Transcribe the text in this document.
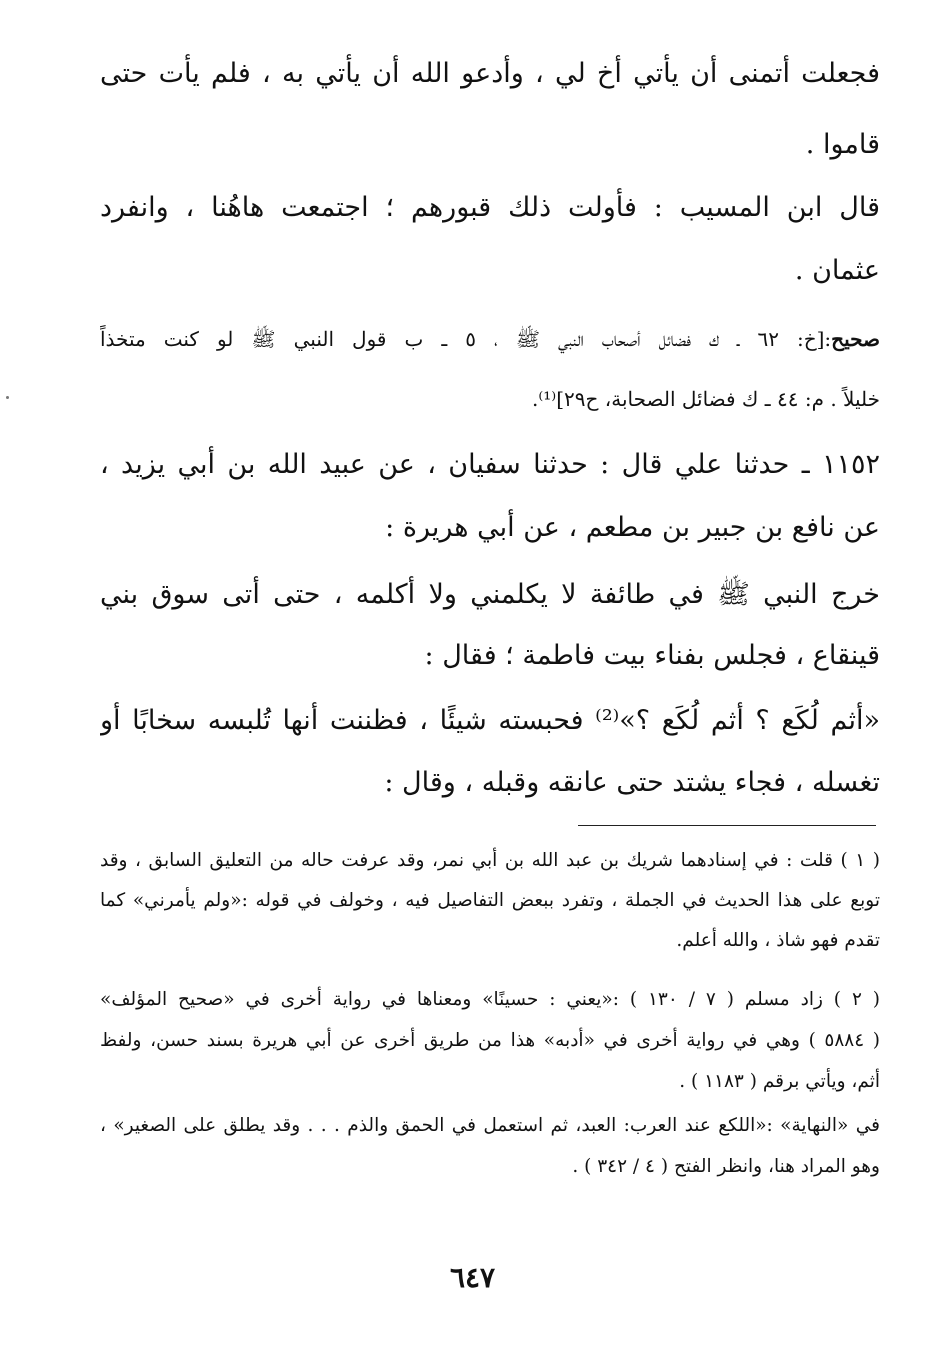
فجعلت أتمنى أن يأتي أخ لي ، وأدعو الله أن يأتي به ، فلم يأت حتى
قاموا .
قال ابن المسيب : فأولت ذلك قبورهم ؛ اجتمعت هاهُنا ، وانفرد
عثمان .
صحيح:[خ: ٦٢ ـ ك فضائل أصحاب النبي ﷺ ، ٥ ـ ب قول النبي ﷺ لو كنت متخذاً
خليلاً . م: ٤٤ ـ ك فضائل الصحابة، ح٢٩]⁽¹⁾.
١١٥٢ ـ حدثنا علي قال : حدثنا سفيان ، عن عبيد الله بن أبي يزيد ،
عن نافع بن جبير بن مطعم ، عن أبي هريرة :
خرج النبي ﷺ في طائفة لا يكلمني ولا أكلمه ، حتى أتى سوق بني
قينقاع ، فجلس بفناء بيت فاطمة ؛ فقال :
«أثم لُكَع ؟ أثم لُكَع ؟»⁽²⁾ فحبسته شيئًا ، فظننت أنها تُلبسه سخابًا أو
تغسله ، فجاء يشتد حتى عانقه وقبله ، وقال :
( ١ ) قلت : في إسنادهما شريك بن عبد الله بن أبي نمر، وقد عرفت حاله من التعليق السابق ، وقد
توبع على هذا الحديث في الجملة ، وتفرد ببعض التفاصيل فيه ، وخولف في قوله :«ولم يأمرني» كما
تقدم فهو شاذ ، والله أعلم.
( ٢ ) زاد مسلم ( ٧ / ١٣٠ ) :«يعني : حسينًا» ومعناها في رواية أخرى في «صحيح المؤلف»
( ٥٨٨٤ ) وهي في رواية أخرى في «أدبه» هذا من طريق أخرى عن أبي هريرة بسند حسن، ولفظ
أثم، ويأتي برقم ( ١١٨٣ ) .
في «النهاية» :«اللكع عند العرب: العبد، ثم استعمل في الحمق والذم . . . وقد يطلق على الصغير» ،
وهو المراد هنا، وانظر الفتح ( ٤ / ٣٤٢ ) .
٦٤٧
